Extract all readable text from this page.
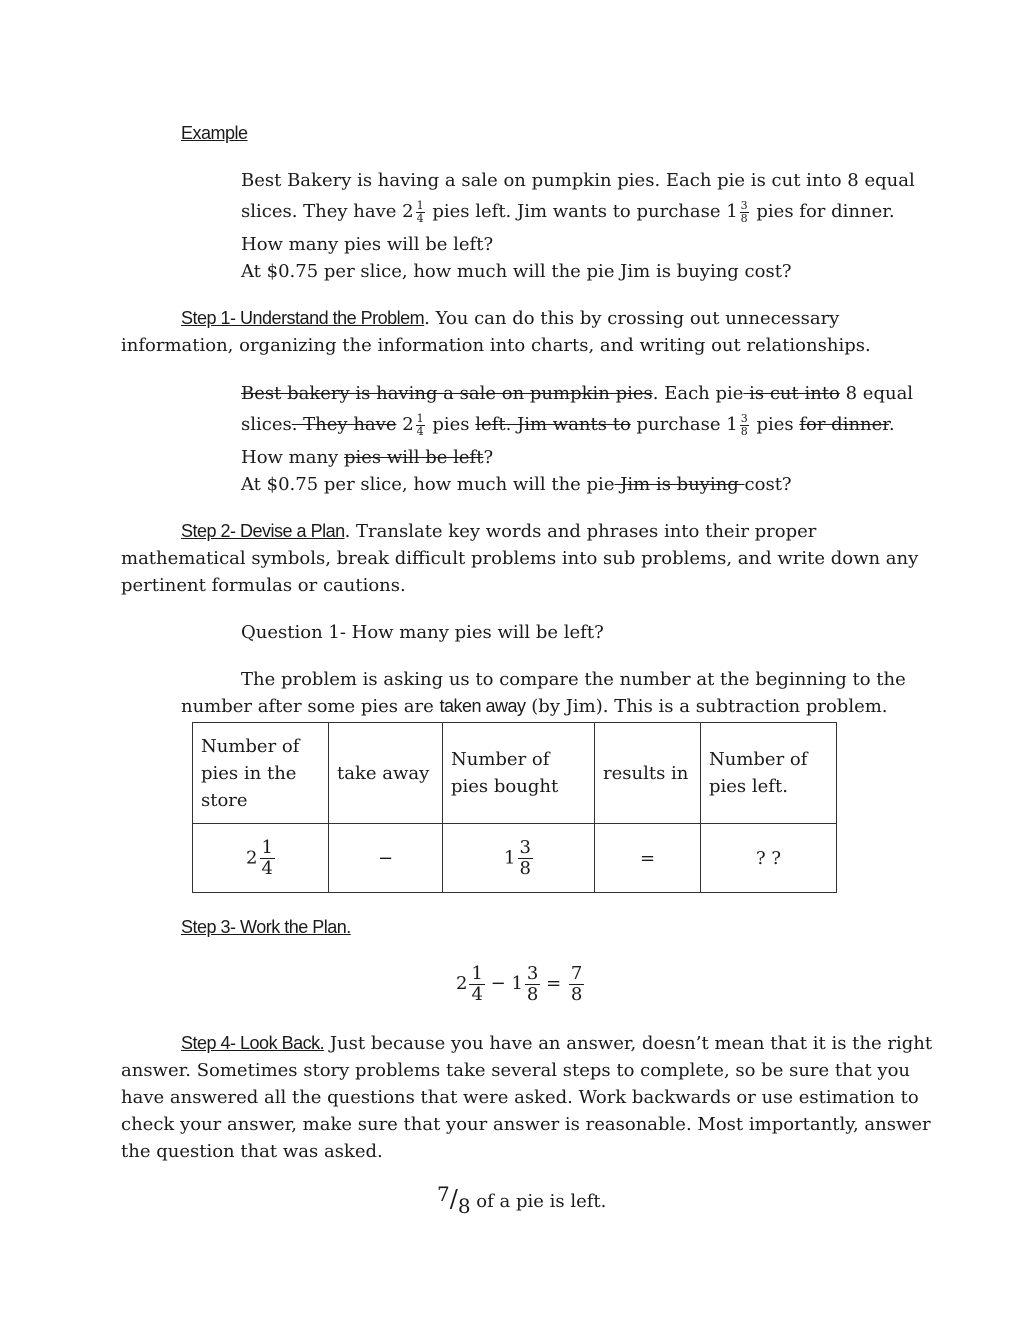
Example
Best Bakery is having a sale on pumpkin pies. Each pie is cut into 8 equal
slices. They have $2 \frac{1}{4}$ pies left. Jim wants to purchase $1 \frac{3}{8}$ pies for dinner.
How many pies will be left?
At $0.75 per slice, how much will the pie Jim is buying cost?
Step 1- Understand the Problem. You can do this by crossing out unnecessary
information, organizing the information into charts, and writing out relationships.
Best bakery is having a sale on pumpkin pies. Each pie is cut into 8 equal
slices. They have $2 \frac{1}{4}$ pies left. Jim wants to purchase $1 \frac{3}{8}$ pies for dinner.
How many pies will be left?
At $0.75 per slice, how much will the pie Jim is buying cost?
Step 2- Devise a Plan. Translate key words and phrases into their proper
mathematical symbols, break difficult problems into sub problems, and write down any
pertinent formulas or cautions.
Question 1- How many pies will be left?
The problem is asking us to compare the number at the beginning to the
number after some pies are taken away (by Jim). This is a subtraction problem.
Number of pies in the store	take away	Number of pies bought	results in	Number of pies left.
$2 \frac{1}{4}$	−	$1 \frac{3}{8}$	=	? ?
Step 3- Work the Plan.
$2 \frac{1}{4} - 1 \frac{3}{8} = \frac{7}{8}$
Step 4- Look Back. Just because you have an answer, doesn’t mean that it is the right
answer. Sometimes story problems take several steps to complete, so be sure that you
have answered all the questions that were asked. Work backwards or use estimation to
check your answer, make sure that your answer is reasonable. Most importantly, answer
the question that was asked.
7/8 of a pie is left.
